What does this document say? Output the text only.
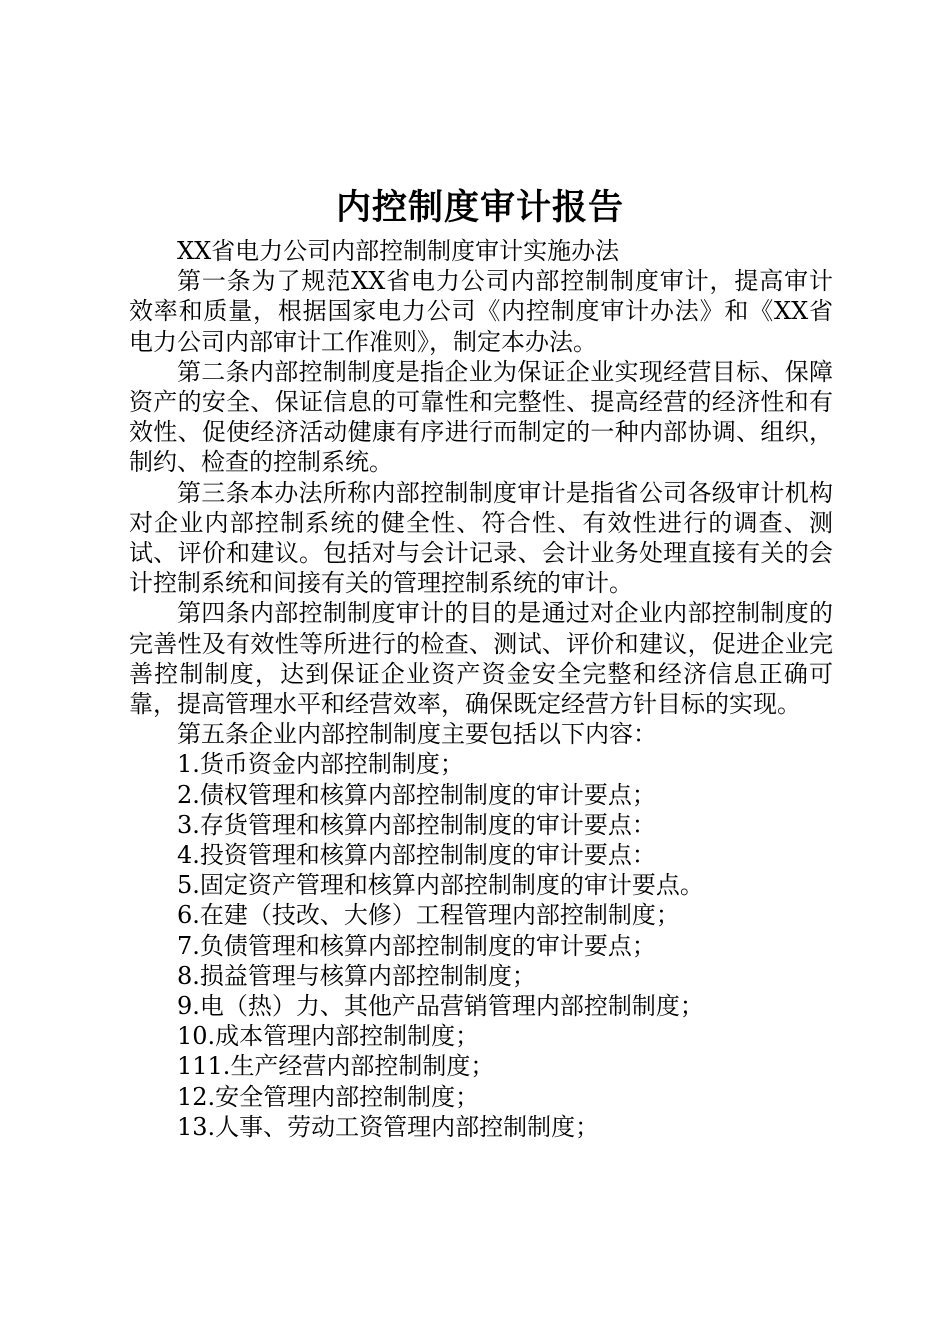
内控制度审计报告

XX省电力公司内部控制制度审计实施办法

第一条为了规范XX省电力公司内部控制制度审计，提高审计效率和质量，根据国家电力公司《内控制度审计办法》和《XX省电力公司内部审计工作准则》，制定本办法。

第二条内部控制制度是指企业为保证企业实现经营目标、保障资产的安全、保证信息的可靠性和完整性、提高经营的经济性和有效性、促使经济活动健康有序进行而制定的一种内部协调、组织，制约、检查的控制系统。

第三条本办法所称内部控制制度审计是指省公司各级审计机构对企业内部控制系统的健全性、符合性、有效性进行的调查、测试、评价和建议。包括对与会计记录、会计业务处理直接有关的会计控制系统和间接有关的管理控制系统的审计。

第四条内部控制制度审计的目的是通过对企业内部控制制度的完善性及有效性等所进行的检查、测试、评价和建议，促进企业完善控制制度，达到保证企业资产资金安全完整和经济信息正确可靠，提高管理水平和经营效率，确保既定经营方针目标的实现。

第五条企业内部控制制度主要包括以下内容：

1.货币资金内部控制制度；

2.债权管理和核算内部控制制度的审计要点；

3.存货管理和核算内部控制制度的审计要点：

4.投资管理和核算内部控制制度的审计要点：

5.固定资产管理和核算内部控制制度的审计要点。

6.在建（技改、大修）工程管理内部控制制度；

7.负债管理和核算内部控制制度的审计要点；

8.损益管理与核算内部控制制度；

9.电（热）力、其他产品营销管理内部控制制度；

10.成本管理内部控制制度；

111.生产经营内部控制制度；

12.安全管理内部控制制度；

13.人事、劳动工资管理内部控制制度；
